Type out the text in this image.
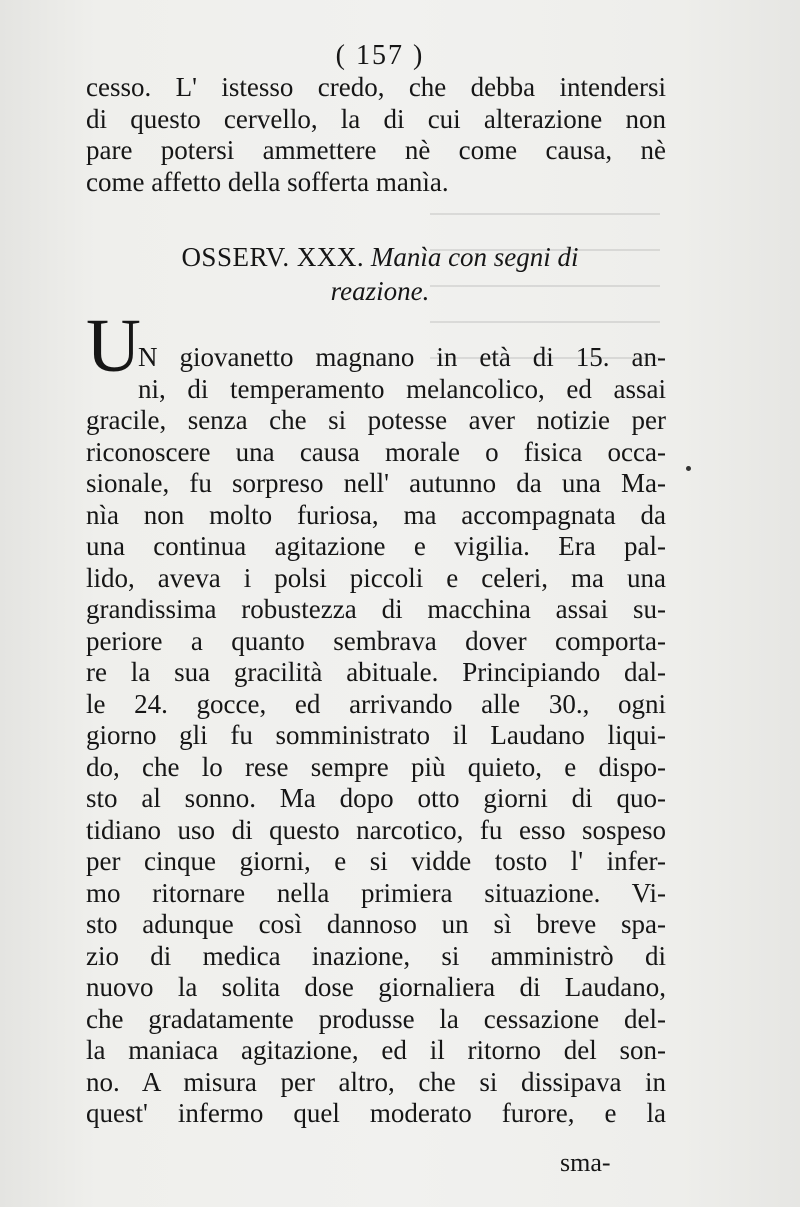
( 157 )
cesso. L' istesso credo, che debba intendersi
di questo cervello, la di cui alterazione non
pare potersi ammettere nè come causa, nè
come affetto della sofferta manìa.
OSSERV. XXX. Manìa con segni di
reazione.
U
N giovanetto magnano in età di 15. an-
ni, di temperamento melancolico, ed assai
gracile, senza che si potesse aver notizie per
riconoscere una causa morale o fisica occa-
sionale, fu sorpreso nell' autunno da una Ma-
nìa non molto furiosa, ma accompagnata da
una continua agitazione e vigilia. Era pal-
lido, aveva i polsi piccoli e celeri, ma una
grandissima robustezza di macchina assai su-
periore a quanto sembrava dover comporta-
re la sua gracilità abituale. Principiando dal-
le 24. gocce, ed arrivando alle 30., ogni
giorno gli fu somministrato il Laudano liqui-
do, che lo rese sempre più quieto, e dispo-
sto al sonno. Ma dopo otto giorni di quo-
tidiano uso di questo narcotico, fu esso sospeso
per cinque giorni, e si vidde tosto l' infer-
mo ritornare nella primiera situazione. Vi-
sto adunque così dannoso un sì breve spa-
zio di medica inazione, si amministrò di
nuovo la solita dose giornaliera di Laudano,
che gradatamente produsse la cessazione del-
la maniaca agitazione, ed il ritorno del son-
no. A misura per altro, che si dissipava in
quest' infermo quel moderato furore, e la
sma-
